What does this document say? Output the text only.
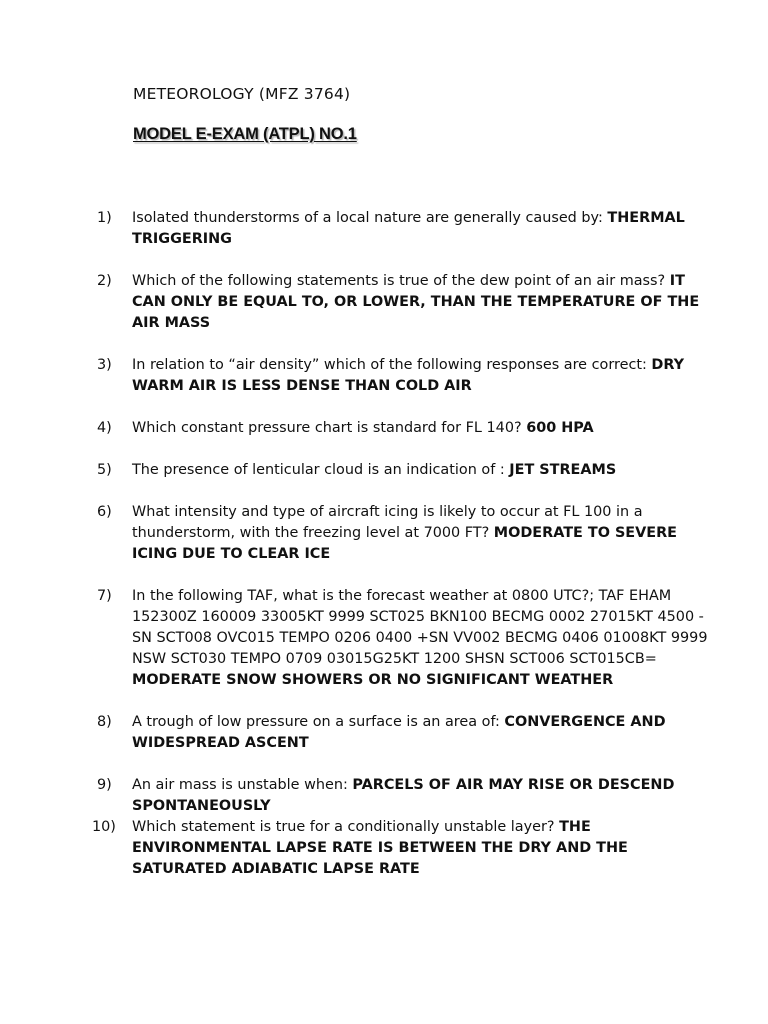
METEOROLOGY (MFZ 3764)
MODEL E-EXAM (ATPL) NO.1
1)	Isolated thunderstorms of a local nature are generally caused by: THERMAL TRIGGERING
2)	Which of the following statements is true of the dew point of an air mass? IT CAN ONLY BE EQUAL TO, OR LOWER, THAN THE TEMPERATURE OF THE AIR MASS
3)	In relation to “air density” which of the following responses are correct: DRY WARM AIR IS LESS DENSE THAN COLD AIR
4)	Which constant pressure chart is standard for FL 140? 600 HPA
5)	The presence of lenticular cloud is an indication of : JET STREAMS
6)	What intensity and type of aircraft icing is likely to occur at FL 100 in a thunderstorm, with the freezing level at 7000 FT? MODERATE TO SEVERE ICING DUE TO CLEAR ICE
7)	In the following TAF, what is the forecast weather at 0800 UTC?; TAF EHAM 152300Z 160009 33005KT 9999 SCT025 BKN100 BECMG 0002 27015KT 4500 -SN SCT008 OVC015 TEMPO 0206 0400 +SN VV002 BECMG 0406 01008KT 9999 NSW SCT030 TEMPO 0709 03015G25KT 1200 SHSN SCT006 SCT015CB= MODERATE SNOW SHOWERS OR NO SIGNIFICANT WEATHER
8)	A trough of low pressure on a surface is an area of: CONVERGENCE AND WIDESPREAD ASCENT
9)	An air mass is unstable when: PARCELS OF AIR MAY RISE OR DESCEND SPONTANEOUSLY
10) Which statement is true for a conditionally unstable layer? THE ENVIRONMENTAL LAPSE RATE IS BETWEEN THE DRY AND THE SATURATED ADIABATIC LAPSE RATE
